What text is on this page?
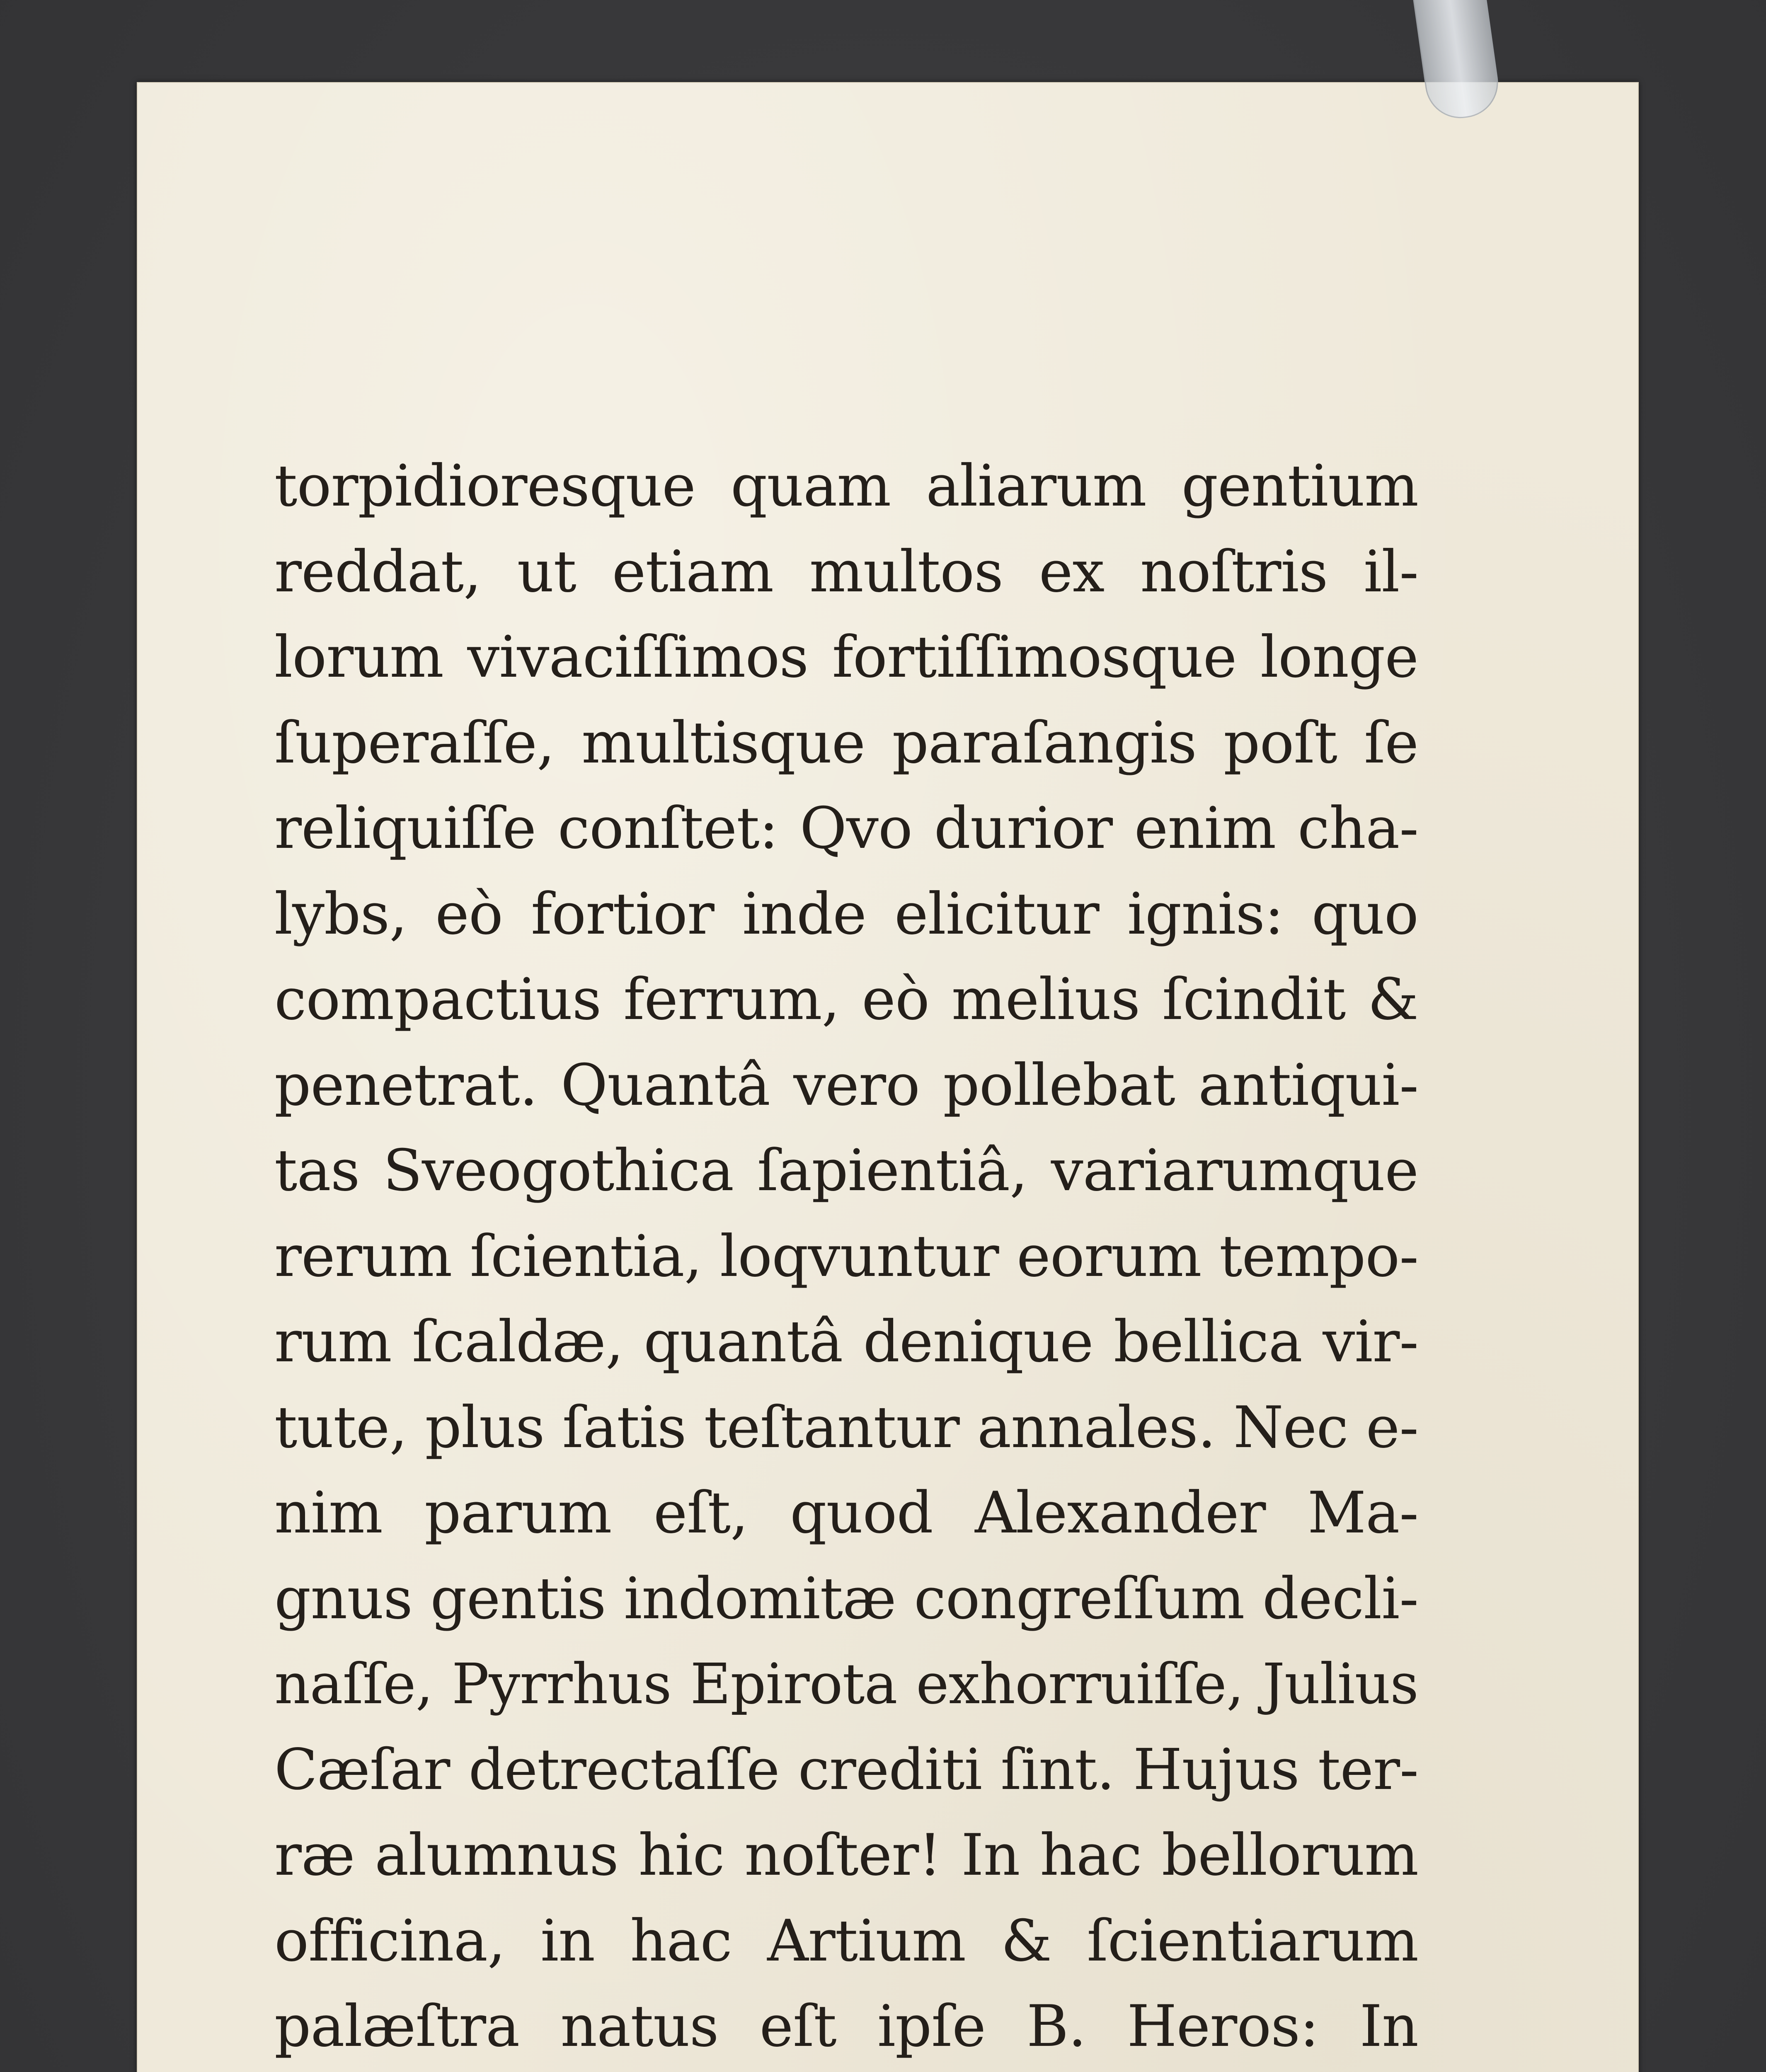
torpidioresque quam aliarum gentium
reddat, ut etiam multos ex noſtris il-
lorum vivaciſſimos fortiſſimosque longe
ſuperaſſe, multisque paraſangis poſt ſe
reliquiſſe conſtet: Qvo durior enim cha-
lybs, eò fortior inde elicitur ignis: quo
compactius ferrum, eò melius ſcindit &
penetrat. Quantâ vero pollebat antiqui-
tas Sveogothica ſapientiâ, variarumque
rerum ſcientia, loqvuntur eorum tempo-
rum ſcaldæ, quantâ denique bellica vir-
tute, plus ſatis teſtantur annales. Nec e-
nim parum eſt, quod Alexander Ma-
gnus gentis indomitæ congreſſum decli-
naſſe, Pyrrhus Epirota exhorruiſſe, Julius
Cæſar detrectaſſe crediti ſint. Hujus ter-
ræ alumnus hic noſter! In hac bellorum
officina, in hac Artium & ſcientiarum
palæſtra natus eſt ipſe B. Heros: In
